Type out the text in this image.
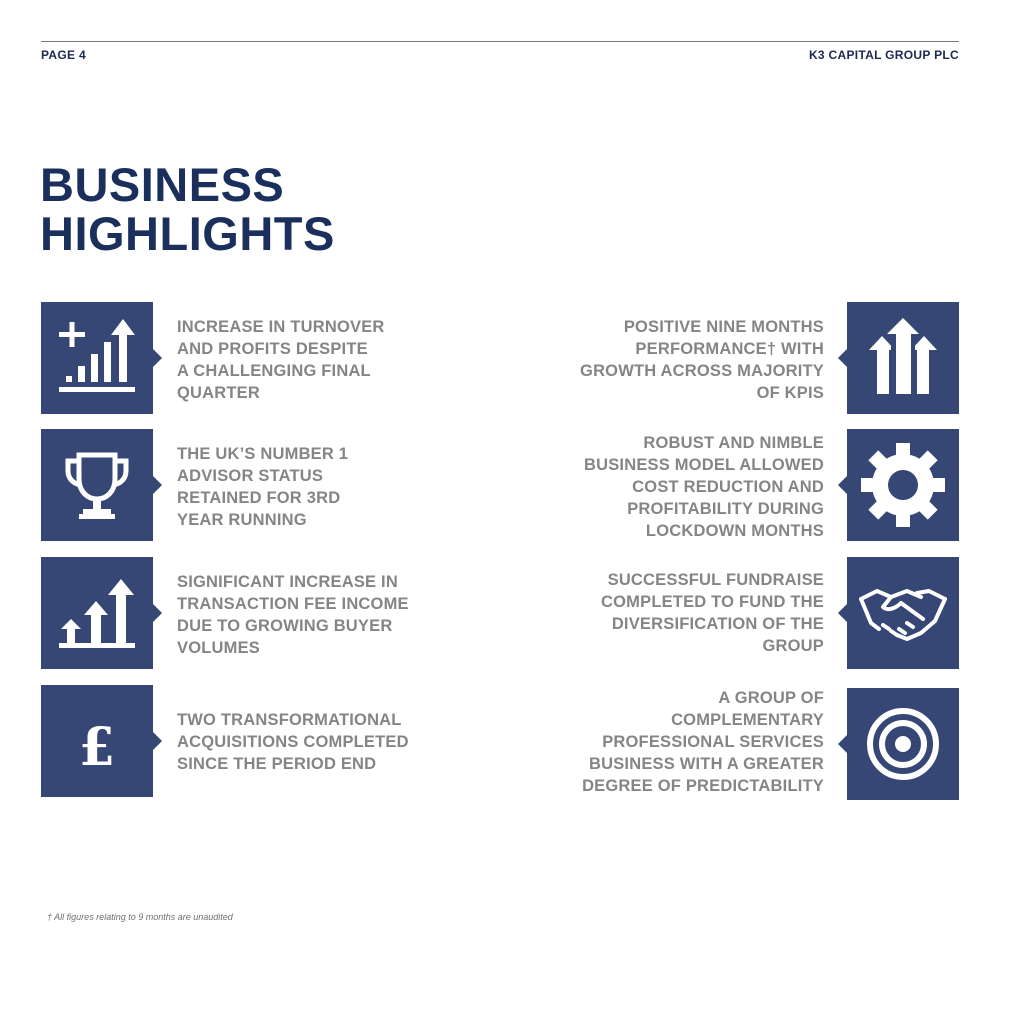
PAGE 4	K3 CAPITAL GROUP PLC
BUSINESS
HIGHLIGHTS
INCREASE IN TURNOVER
AND PROFITS DESPITE
A CHALLENGING FINAL
QUARTER
THE UK’S NUMBER 1
ADVISOR STATUS
RETAINED FOR 3RD
YEAR RUNNING
SIGNIFICANT INCREASE IN
TRANSACTION FEE INCOME
DUE TO GROWING BUYER
VOLUMES
£	TWO TRANSFORMATIONAL
ACQUISITIONS COMPLETED
SINCE THE PERIOD END
POSITIVE NINE MONTHS
PERFORMANCE† WITH
GROWTH ACROSS MAJORITY
OF KPIS
ROBUST AND NIMBLE
BUSINESS MODEL ALLOWED
COST REDUCTION AND
PROFITABILITY DURING
LOCKDOWN MONTHS
SUCCESSFUL FUNDRAISE
COMPLETED TO FUND THE
DIVERSIFICATION OF THE
GROUP
A GROUP OF
COMPLEMENTARY
PROFESSIONAL SERVICES
BUSINESS WITH A GREATER
DEGREE OF PREDICTABILITY
† All figures relating to 9 months are unaudited
